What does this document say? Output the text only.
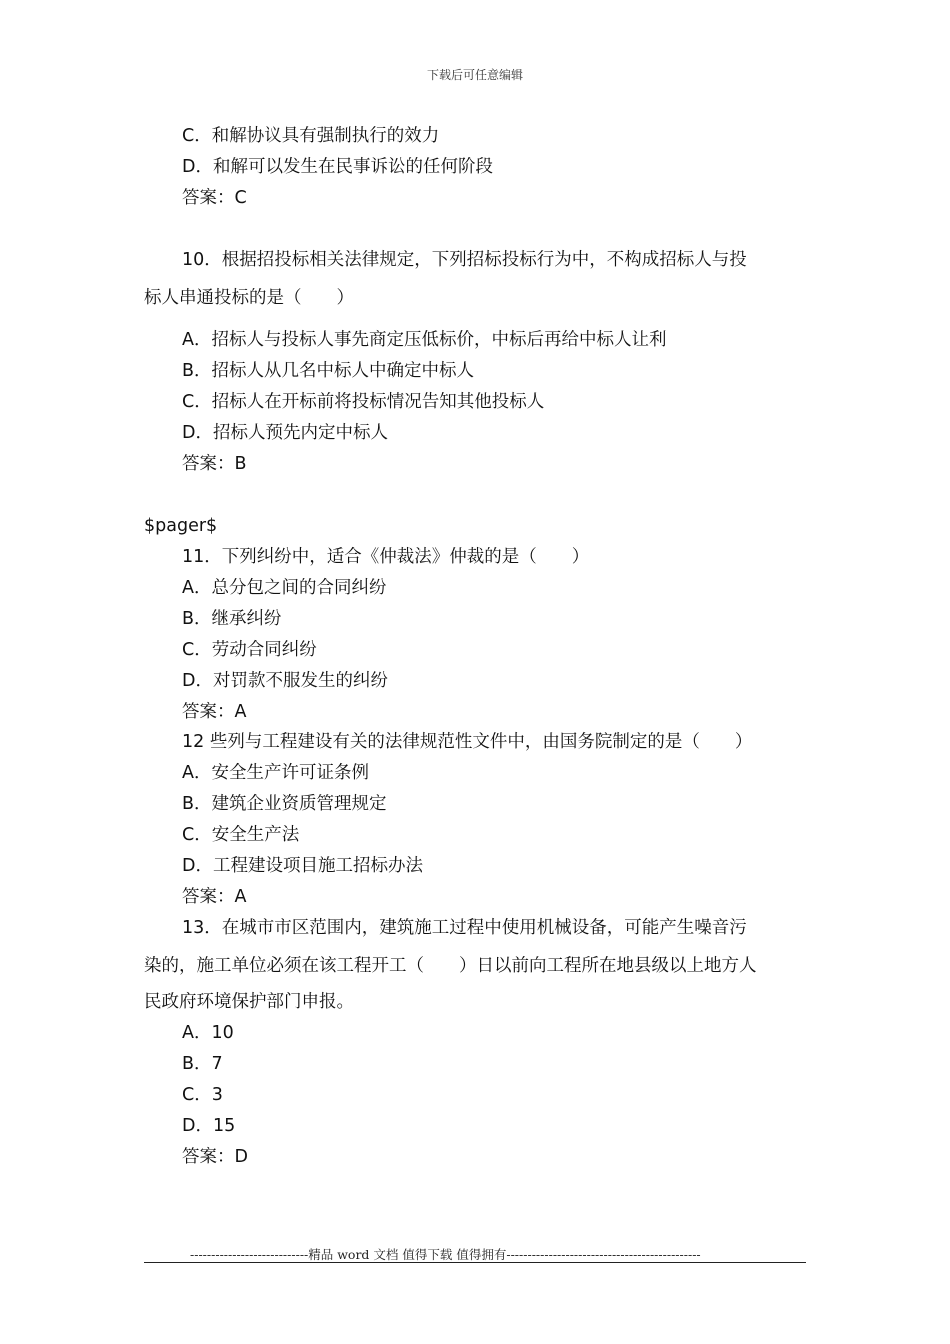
下载后可任意编辑
C．和解协议具有强制执行的效力
D．和解可以发生在民事诉讼的任何阶段
答案：C
10．根据招投标相关法律规定，下列招标投标行为中，不构成招标人与投
标人串通投标的是（　　）
A．招标人与投标人事先商定压低标价，中标后再给中标人让利
B．招标人从几名中标人中确定中标人
C．招标人在开标前将投标情况告知其他投标人
D．招标人预先内定中标人
答案：B
$pager$
11．下列纠纷中，适合《仲裁法》仲裁的是（　　）
A．总分包之间的合同纠纷
B．继承纠纷
C．劳动合同纠纷
D．对罚款不服发生的纠纷
答案：A
12 些列与工程建设有关的法律规范性文件中，由国务院制定的是（　　）
A．安全生产许可证条例
B．建筑企业资质管理规定
C．安全生产法
D．工程建设项目施工招标办法
答案：A
13．在城市市区范围内，建筑施工过程中使用机械设备，可能产生噪音污
染的，施工单位必须在该工程开工（　　）日以前向工程所在地县级以上地方人
民政府环境保护部门申报。
A．10
B．7
C．3
D．15
答案：D
----------------------------精品 word 文档 值得下载 值得拥有----------------------------------------------
